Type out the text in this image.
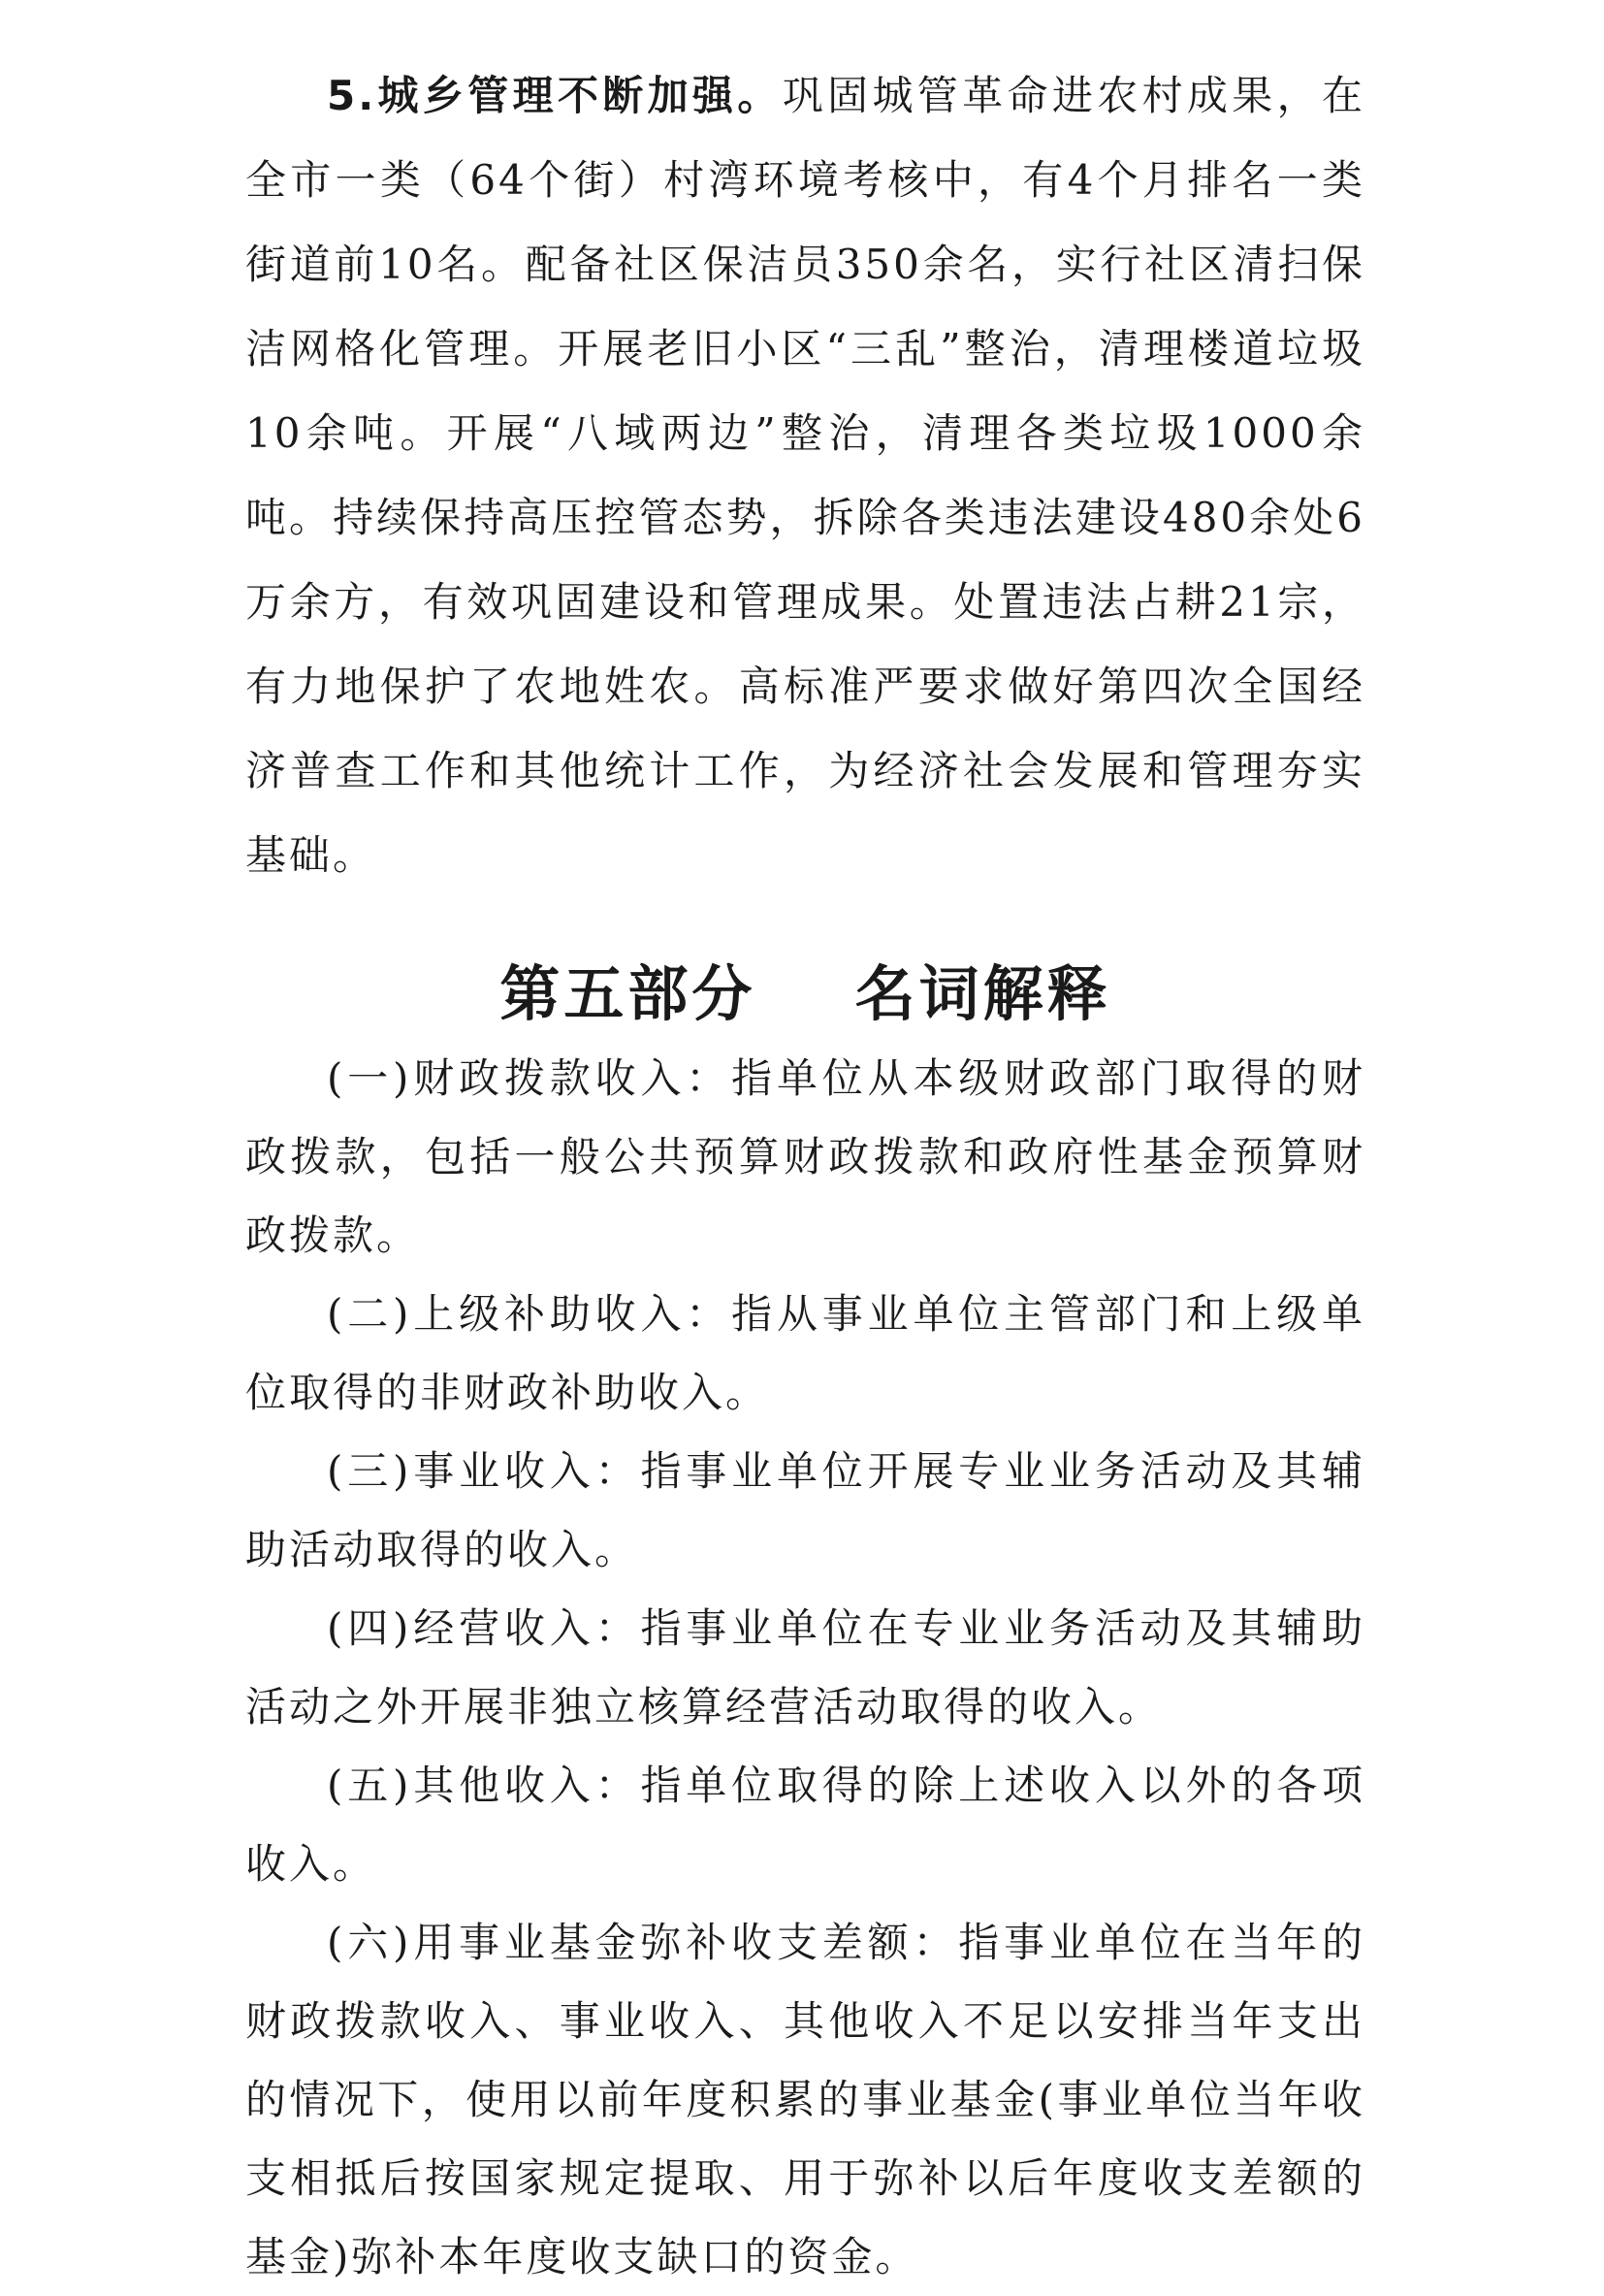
5.城乡管理不断加强。巩固城管革命进农村成果，在全市一类（64个街）村湾环境考核中，有4个月排名一类街道前10名。配备社区保洁员350余名，实行社区清扫保洁网格化管理。开展老旧小区“三乱”整治，清理楼道垃圾10余吨。开展“八域两边”整治，清理各类垃圾1000余吨。持续保持高压控管态势，拆除各类违法建设480余处6万余方，有效巩固建设和管理成果。处置违法占耕21宗，有力地保护了农地姓农。高标准严要求做好第四次全国经济普查工作和其他统计工作，为经济社会发展和管理夯实基础。

第五部分    名词解释

(一)财政拨款收入：指单位从本级财政部门取得的财政拨款，包括一般公共预算财政拨款和政府性基金预算财政拨款。

(二)上级补助收入：指从事业单位主管部门和上级单位取得的非财政补助收入。

(三)事业收入：指事业单位开展专业业务活动及其辅助活动取得的收入。

(四)经营收入：指事业单位在专业业务活动及其辅助活动之外开展非独立核算经营活动取得的收入。

(五)其他收入：指单位取得的除上述收入以外的各项收入。

(六)用事业基金弥补收支差额：指事业单位在当年的财政拨款收入、事业收入、其他收入不足以安排当年支出的情况下，使用以前年度积累的事业基金(事业单位当年收支相抵后按国家规定提取、用于弥补以后年度收支差额的基金)弥补本年度收支缺口的资金。
